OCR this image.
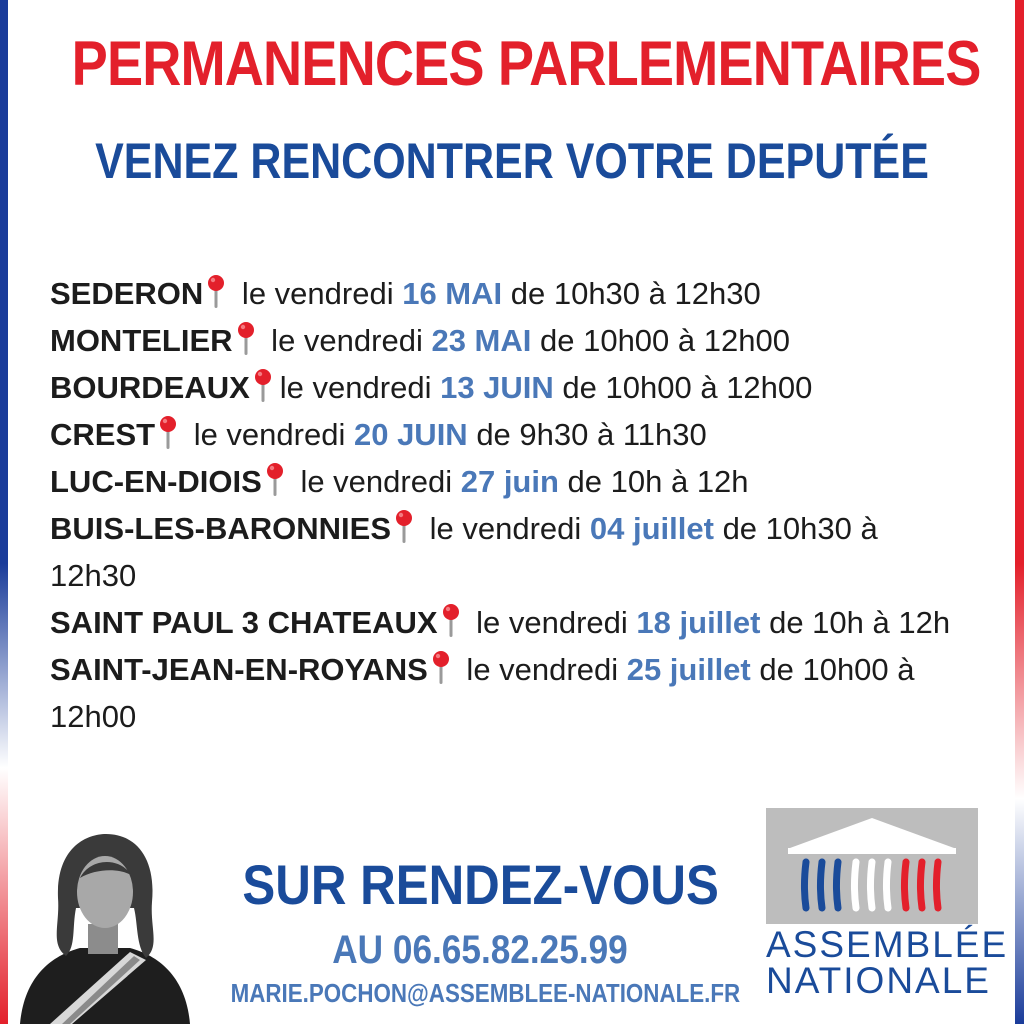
PERMANENCES PARLEMENTAIRES
VENEZ RENCONTRER VOTRE DEPUTÉE
SEDERON
le vendredi 16 MAI de 10h30 à 12h30
MONTELIER
le vendredi 23 MAI de 10h00 à 12h00
BOURDEAUX le vendredi 13 JUIN de 10h00 à 12h00
CREST
le vendredi 20 JUIN de 9h30 à 11h30
LUC-EN-DIOIS
le vendredi 27 juin de 10h à 12h
BUIS-LES-BARONNIES
le vendredi 04 juillet de 10h30 à 12h30
SAINT PAUL 3 CHATEAUX
le vendredi 18 juillet de 10h à 12h
SAINT-JEAN-EN-ROYANS
le vendredi 25 juillet de 10h00 à 12h00
SUR RENDEZ-VOUS
AU 06.65.82.25.99
MARIE.POCHON@ASSEMBLEE-NATIONALE.FR
ASSEMBLÉE
NATIONALE
